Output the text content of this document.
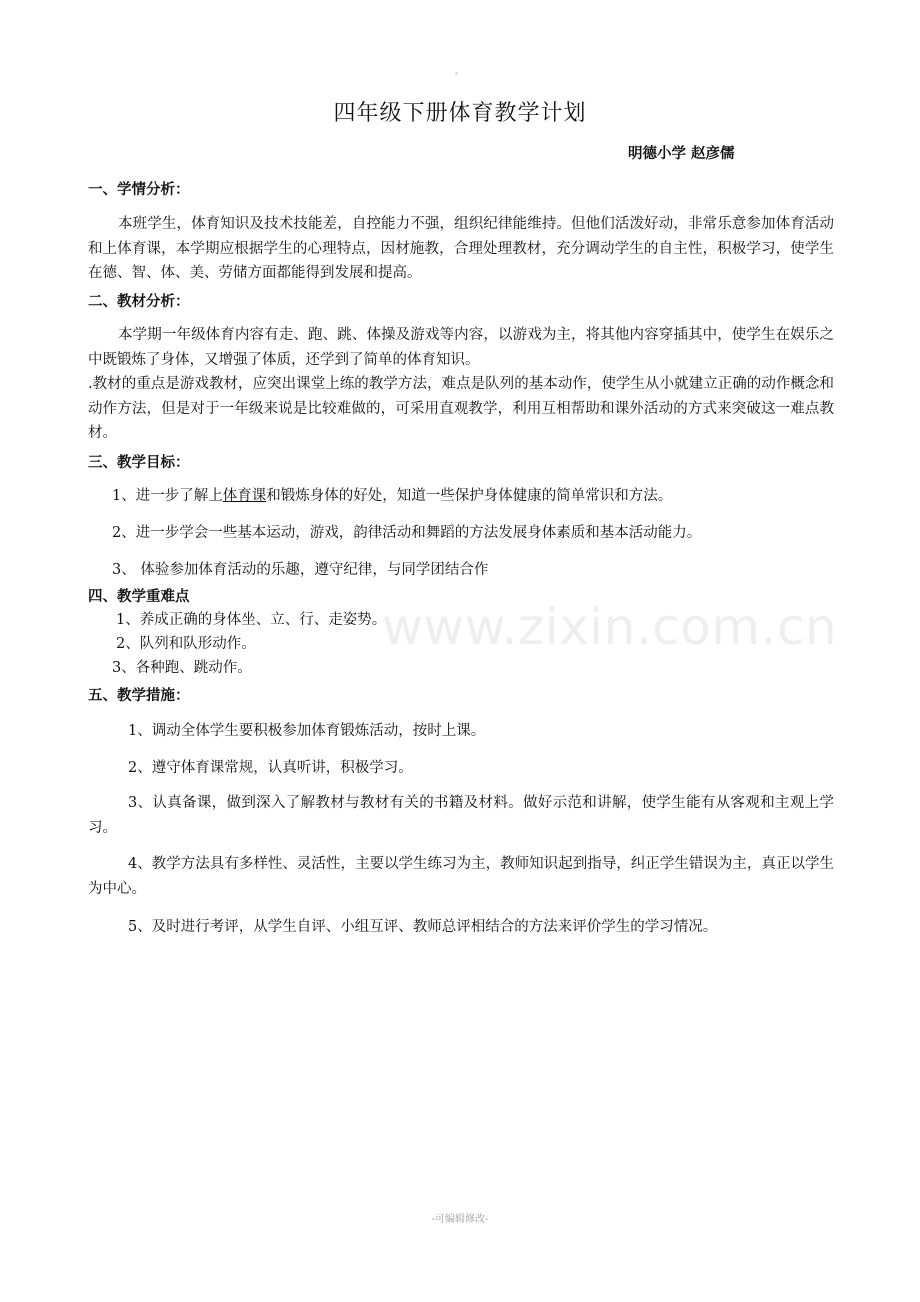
四年级下册体育教学计划
明德小学 赵彦儒
一、学情分析：

本班学生，体育知识及技术技能差，自控能力不强，组织纪律能维持。但他们活泼好动，非常乐意参加体育活动和上体育课，本学期应根据学生的心理特点，因材施教，合理处理教材，充分调动学生的自主性，积极学习，使学生在德、智、体、美、劳储方面都能得到发展和提高。

二、教材分析：

本学期一年级体育内容有走、跑、跳、体操及游戏等内容，以游戏为主，将其他内容穿插其中，使学生在娱乐之中既锻炼了身体，又增强了体质，还学到了简单的体育知识。

.教材的重点是游戏教材，应突出课堂上练的教学方法，难点是队列的基本动作，使学生从小就建立正确的动作概念和动作方法，但是对于一年级来说是比较难做的，可采用直观教学，利用互相帮助和课外活动的方式来突破这一难点教材。

三、教学目标：

1、进一步了解上体育课和锻炼身体的好处，知道一些保护身体健康的简单常识和方法。

2、进一步学会一些基本运动，游戏，韵律活动和舞蹈的方法发展身体素质和基本活动能力。

3、 体验参加体育活动的乐趣，遵守纪律，与同学团结合作

四、教学重难点

1、养成正确的身体坐、立、行、走姿势。

2、队列和队形动作。

3、各种跑、跳动作。

五、教学措施：

1、调动全体学生要积极参加体育锻炼活动，按时上课。

2、遵守体育课常规，认真听讲，积极学习。

3、认真备课，做到深入了解教材与教材有关的书籍及材料。做好示范和讲解，使学生能有从客观和主观上学习。

4、教学方法具有多样性、灵活性，主要以学生练习为主，教师知识起到指导，纠正学生错误为主，真正以学生为中心。

5、及时进行考评，从学生自评、小组互评、教师总评相结合的方法来评价学生的学习情况。

www.zixin.com.cn
-可编辑修改-
